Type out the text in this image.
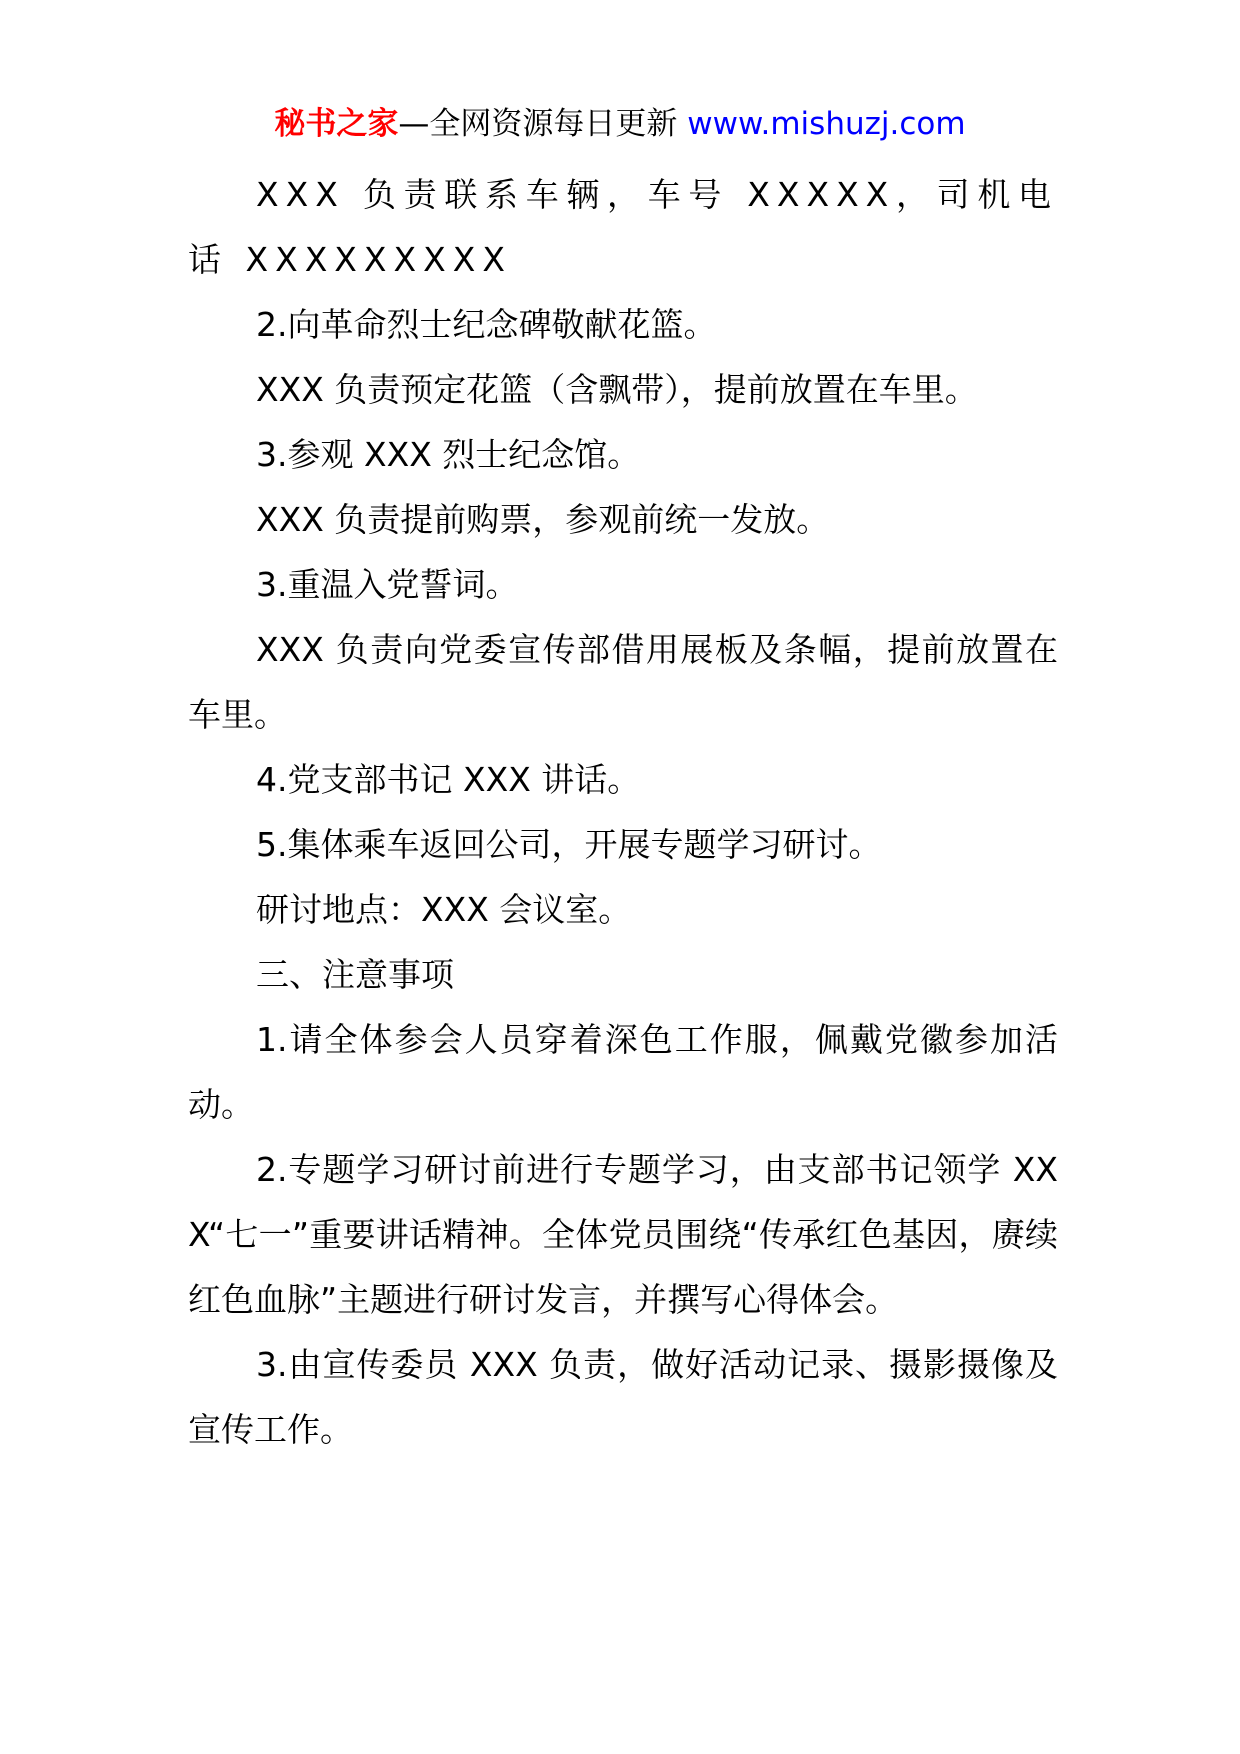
秘书之家—全网资源每日更新 www.mishuzj.com

XXX 负责联系车辆，车号 XXXXX，司机电话 XXXXXXXXX

2.向革命烈士纪念碑敬献花篮。

XXX 负责预定花篮（含飘带），提前放置在车里。

3.参观 XXX 烈士纪念馆。

XXX 负责提前购票，参观前统一发放。

3.重温入党誓词。

XXX 负责向党委宣传部借用展板及条幅，提前放置在车里。

4.党支部书记 XXX 讲话。

5.集体乘车返回公司，开展专题学习研讨。

研讨地点：XXX 会议室。

三、注意事项

1.请全体参会人员穿着深色工作服，佩戴党徽参加活动。

2.专题学习研讨前进行专题学习，由支部书记领学 XXX“七一”重要讲话精神。全体党员围绕“传承红色基因，赓续红色血脉”主题进行研讨发言，并撰写心得体会。

3.由宣传委员 XXX 负责，做好活动记录、摄影摄像及宣传工作。
